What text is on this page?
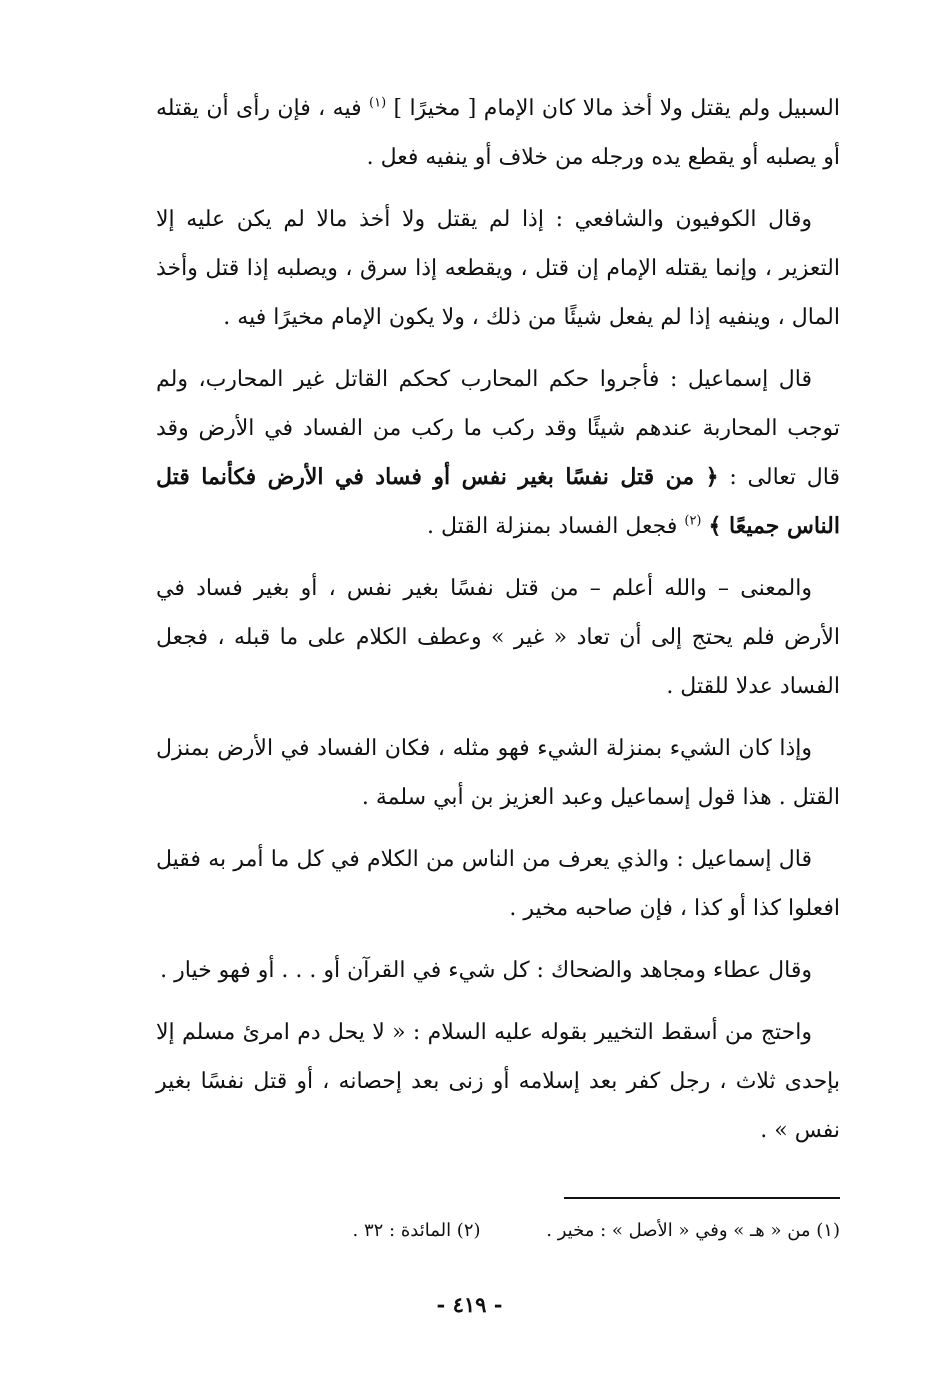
السبيل ولم يقتل ولا أخذ مالا كان الإمام [ مخيرًا ] $^{(١)}$ فيه ، فإن رأى أن يقتله أو يصلبه أو يقطع يده ورجله من خلاف أو ينفيه فعل .

وقال الكوفيون والشافعي : إذا لم يقتل ولا أخذ مالا لم يكن عليه إلا التعزير ، وإنما يقتله الإمام إن قتل ، ويقطعه إذا سرق ، ويصلبه إذا قتل وأخذ المال ، وينفيه إذا لم يفعل شيئًا من ذلك ، ولا يكون الإمام مخيرًا فيه .

قال إسماعيل : فأجروا حكم المحارب كحكم القاتل غير المحارب، ولم توجب المحاربة عندهم شيئًا وقد ركب ما ركب من الفساد في الأرض وقد قال تعالى : ﴿ من قتل نفسًا بغير نفس أو فساد في الأرض فكأنما قتل الناس جميعًا ﴾ $^{(٢)}$ فجعل الفساد بمنزلة القتل .

والمعنى – والله أعلم – من قتل نفسًا بغير نفس ، أو بغير فساد في الأرض فلم يحتج إلى أن تعاد « غير » وعطف الكلام على ما قبله ، فجعل الفساد عدلا للقتل .

وإذا كان الشيء بمنزلة الشيء فهو مثله ، فكان الفساد في الأرض بمنزل القتل . هذا قول إسماعيل وعبد العزيز بن أبي سلمة .

قال إسماعيل : والذي يعرف من الناس من الكلام في كل ما أمر به فقيل افعلوا كذا أو كذا ، فإن صاحبه مخير .

وقال عطاء ومجاهد والضحاك : كل شيء في القرآن أو . . . أو فهو خيار .

واحتج من أسقط التخيير بقوله عليه السلام : « لا يحل دم امرئ مسلم إلا بإحدى ثلاث ، رجل كفر بعد إسلامه أو زنى بعد إحصانه ، أو قتل نفسًا بغير نفس » .

(١) من « هـ » وفي « الأصل » : مخير . (٢) المائدة : ٣٢ .
- ٤١٩ -
